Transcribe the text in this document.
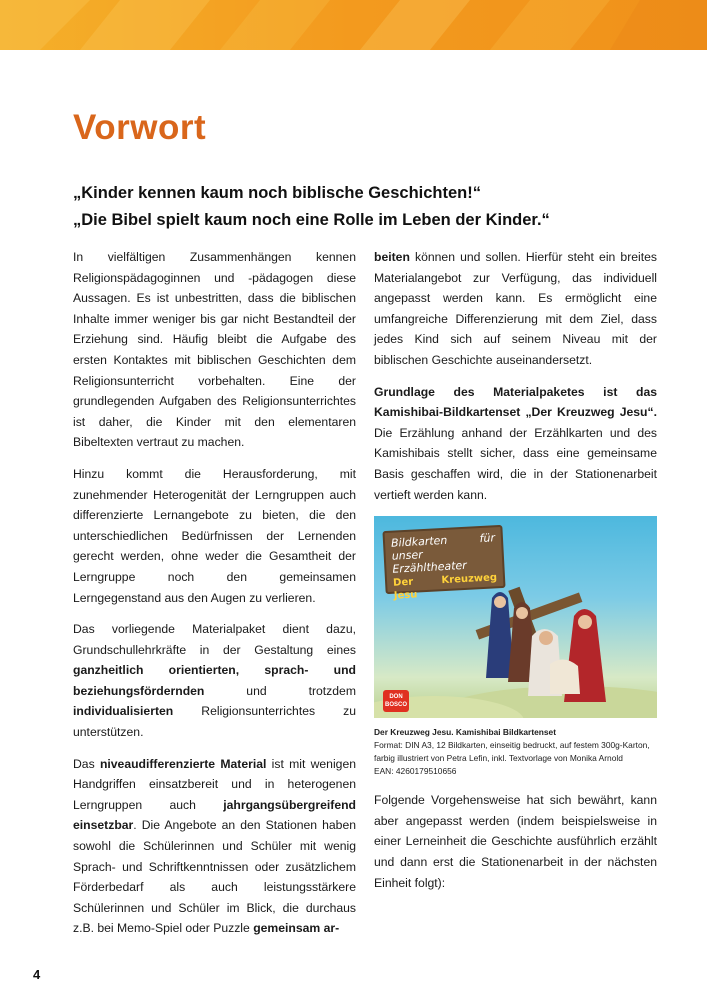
Vorwort
„Kinder kennen kaum noch biblische Geschichten!“
„Die Bibel spielt kaum noch eine Rolle im Leben der Kinder.“

In vielfältigen Zusammenhängen kennen Religionspädagoginnen und -pädagogen diese Aussagen. Es ist unbestritten, dass die biblischen Inhalte immer weniger bis gar nicht Bestandteil der Erziehung sind. Häufig bleibt die Aufgabe des ersten Kontaktes mit biblischen Geschichten dem Religionsunterricht vorbehalten. Eine der grundlegenden Aufgaben des Religionsunterrichtes ist daher, die Kinder mit den elementaren Bibeltexten vertraut zu machen.

Hinzu kommt die Herausforderung, mit zunehmender Heterogenität der Lerngruppen auch differenzierte Lernangebote zu bieten, die den unterschiedlichen Bedürfnissen der Lernenden gerecht werden, ohne weder die Gesamtheit der Lerngruppe noch den gemeinsamen Lerngegenstand aus den Augen zu verlieren.

Das vorliegende Materialpaket dient dazu, Grundschullehrkräfte in der Gestaltung eines ganzheitlich orientierten, sprach- und beziehungsfördernden und trotzdem individualisierten Religionsunterrichtes zu unterstützen.

Das niveaudifferenzierte Material ist mit wenigen Handgriffen einsatzbereit und in heterogenen Lerngruppen auch jahrgangsübergreifend einsetzbar. Die Angebote an den Stationen haben sowohl die Schülerinnen und Schüler mit wenig Sprach- und Schriftkenntnissen oder zusätzlichem Förderbedarf als auch leistungsstärkere Schülerinnen und Schüler im Blick, die durchaus z.B. bei Memo-Spiel oder Puzzle gemeinsam ar-

beiten können und sollen. Hierfür steht ein breites Materialangebot zur Verfügung, das individuell angepasst werden kann. Es ermöglicht eine umfangreiche Differenzierung mit dem Ziel, dass jedes Kind sich auf seinem Niveau mit der biblischen Geschichte auseinandersetzt.

Grundlage des Materialpaketes ist das Kamishibai-Bildkartenset „Der Kreuzweg Jesu“. Die Erzählung anhand der Erzählkarten und des Kamishibais stellt sicher, dass eine gemeinsame Basis geschaffen wird, die in der Stationenarbeit vertieft werden kann.

Bildkarten für unser
Erzähltheater
Der Kreuzweg Jesu
DON
BOSCO
Der Kreuzweg Jesu. Kamishibai Bildkartenset
Format: DIN A3, 12 Bildkarten, einseitig bedruckt, auf festem 300g-Karton,
farbig illustriert von Petra Lefin, inkl. Textvorlage von Monika Arnold
EAN: 4260179510656

Folgende Vorgehensweise hat sich bewährt, kann aber angepasst werden (indem beispielsweise in einer Lerneinheit die Geschichte ausführlich erzählt und dann erst die Stationenarbeit in der nächsten Einheit folgt):

4
